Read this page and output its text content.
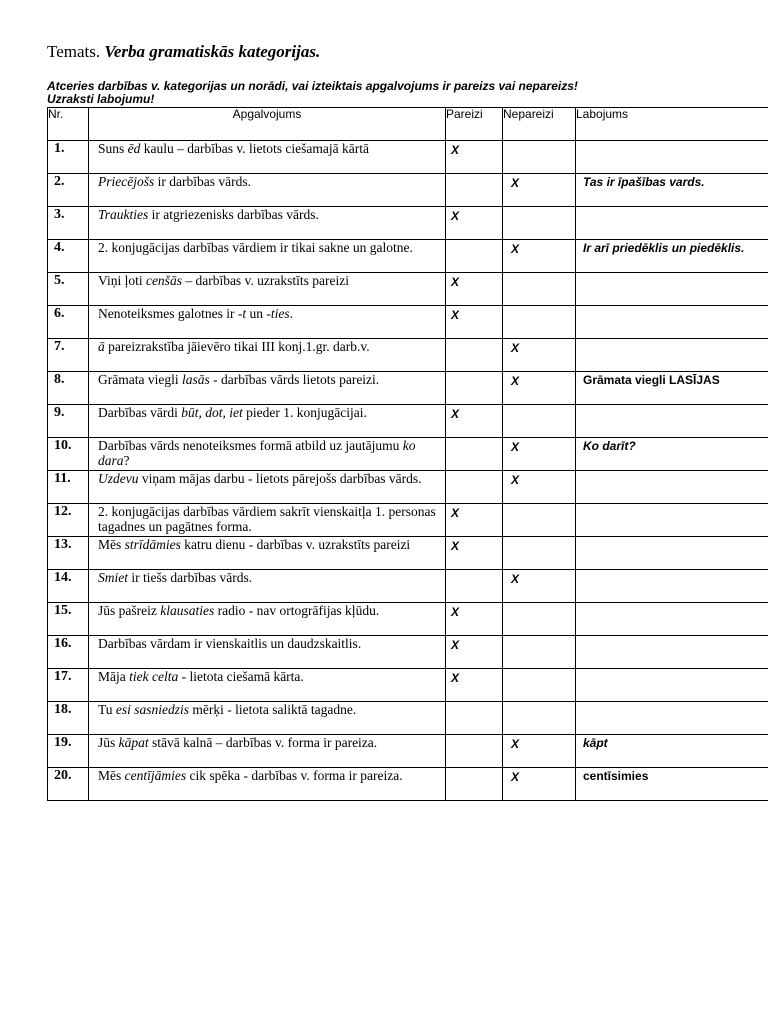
Temats. Verba gramatiskās kategorijas.
Atceries darbības v. kategorijas un norādi, vai izteiktais apgalvojums ir pareizs vai nepareizs!
Uzraksti labojumu!
Nr.	Apgalvojums	Pareizi	Nepareizi	Labojums

1.	Suns ēd kaulu – darbības v. lietots ciešamajā kārtā	X		

2.	Priecējošs ir darbības vārds.		X	Tas ir īpašības vards.

3.	Traukties ir atgriezenisks darbības vārds.	X		

4.	2. konjugācijas darbības vārdiem ir tikai sakne un galotne.		X	Ir arī priedēklis un piedēklis.

5.	Viņi ļoti cenšās – darbības v. uzrakstīts pareizi	X		

6.	Nenoteiksmes galotnes ir -t un -ties.	X		

7.	ā pareizrakstība jāievēro tikai III konj.1.gr. darb.v.		X	

8.	Grāmata viegli lasās - darbības vārds lietots pareizi.		X	Grāmata viegli LASĪJAS

9.	Darbības vārdi būt, dot, iet pieder 1. konjugācijai.	X		

10.	Darbības vārds nenoteiksmes formā atbild uz jautājumu ko dara?		X	Ko darīt?

11.	Uzdevu viņam mājas darbu - lietots pārejošs darbības vārds.		X	

12.	2. konjugācijas darbības vārdiem sakrīt vienskaitļa 1. personas tagadnes un pagātnes forma.	X		

13.	Mēs strīdāmies katru dienu - darbības v. uzrakstīts pareizi	X		

14.	Smiet ir tiešs darbības vārds.		X	

15.	Jūs pašreiz klausaties radio - nav ortogrāfijas kļūdu.	X		

16.	Darbības vārdam ir vienskaitlis un daudzskaitlis.	X		

17.	Māja tiek celta - lietota ciešamā kārta.	X		

18.	Tu esi sasniedzis mērķi - lietota saliktā tagadne.			

19.	Jūs kāpat stāvā kalnā – darbības v. forma ir pareiza.		X	kāpt

20.	Mēs centījāmies cik spēka - darbības v. forma ir pareiza.		X	centīsimies
